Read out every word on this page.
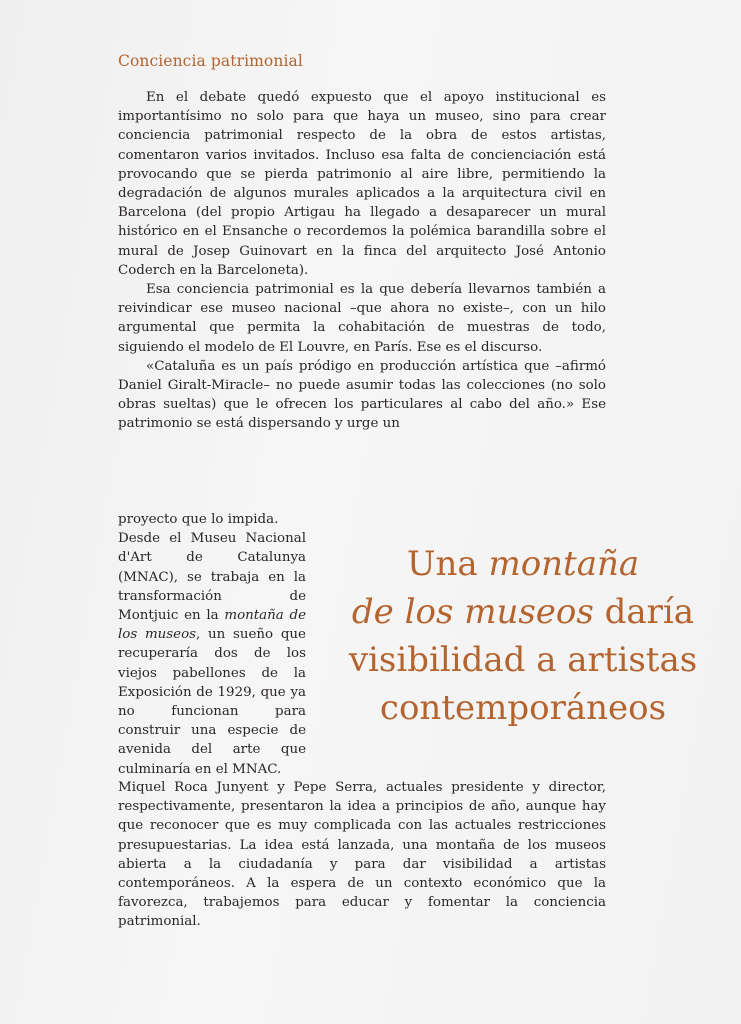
Conciencia patrimonial

En el debate quedó expuesto que el apoyo institucional es importantísimo no solo para que haya un museo, sino para crear conciencia patrimonial respecto de la obra de estos artistas, comentaron varios invitados. Incluso esa falta de concienciación está provocando que se pierda patrimonio al aire libre, permitiendo la degradación de algunos murales aplicados a la arquitectura civil en Barcelona (del propio Artigau ha llegado a desaparecer un mural histórico en el Ensanche o recordemos la polémica barandilla sobre el mural de Josep Guinovart en la finca del arquitecto José Antonio Coderch en la Barceloneta).

Esa conciencia patrimonial es la que debería llevarnos también a reivindicar ese museo nacional –que ahora no existe–, con un hilo argumental que permita la cohabitación de muestras de todo, siguiendo el modelo de El Louvre, en París. Ese es el discurso.

«Cataluña es un país pródigo en producción artística que –afirmó Daniel Giralt-Miracle– no puede asumir todas las colecciones (no solo obras sueltas) que le ofrecen los particulares al cabo del año.» Ese patrimonio se está dispersando y urge un

proyecto que lo impida.
Desde el Museu Nacional d'Art de Catalunya (MNAC), se trabaja en la transformación de Montjuic en la montaña de los museos, un sueño que recuperaría dos de los viejos pabellones de la Exposición de 1929, que ya no funcionan para construir una especie de avenida del arte que culminaría en el MNAC.
Miquel Roca Junyent y Pepe Serra, actuales presidente y director, respectivamente, presentaron la idea a principios de año, aunque hay que reconocer que es muy complicada con las actuales restricciones presupuestarias. La idea está lanzada, una montaña de los museos abierta a la ciudadanía y para dar visibilidad a artistas contemporáneos. A la espera de un contexto económico que la favorezca, trabajemos para educar y fomentar la conciencia patrimonial.
Una montaña
de los museos daría
visibilidad a artistas
contemporáneos
